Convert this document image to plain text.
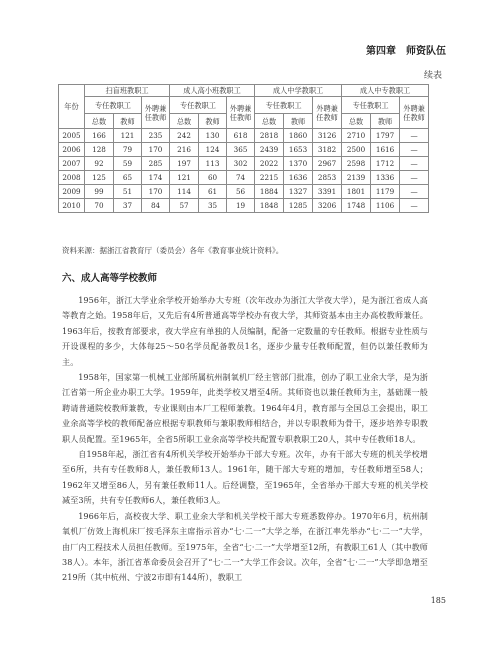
第四章　师资队伍
续表
年份	扫盲班教职工			成人高小班教职工			成人中学教职工			成人中专教职工		
	专任教职工		外聘兼任教师	专任教职工		外聘兼任教师	专任教职工		外聘兼任教师	专任教职工		外聘兼任教师
	总数	教师		总数	教师		总数	教师		总数	教师	
2005	166	121	235	242	130	618	2818	1860	3126	2710	1797	—
2006	128	79	170	216	124	365	2439	1653	3182	2500	1616	—
2007	92	59	285	197	113	302	2022	1370	2967	2598	1712	—
2008	125	65	174	121	60	74	2215	1636	2853	2139	1336	—
2009	99	51	170	114	61	56	1884	1327	3391	1801	1179	—
2010	70	37	84	57	35	19	1848	1285	3206	1748	1106	—
资料来源：据浙江省教育厅（委员会）各年《教育事业统计资料》。
六、成人高等学校教师

1956年，浙江大学业余学校开始举办大专班（次年改办为浙江大学夜大学），是为浙江省成人高等教育之始。1958年后，又先后有4所普通高等学校办有夜大学，其师资基本由主办高校教师兼任。1963年后，按教育部要求，夜大学应有单独的人员编制，配备一定数量的专任教师。根据专业性质与开设课程的多少，大体每25～50名学员配备教员1名，逐步少量专任教师配置，但仍以兼任教师为主。

1958年，国家第一机械工业部所属杭州制氧机厂经主管部门批准，创办了职工业余大学，是为浙江省第一所企业办职工大学。1959年，此类学校又增至4所。其师资也以兼任教师为主，基础课一般聘请普通院校教师兼教，专业课则由本厂工程师兼教。1964年4月，教育部与全国总工会提出，职工业余高等学校的教师配备应根据专职教师与兼职教师相结合，并以专职教师为骨干，逐步培养专职教职人员配置。至1965年，全省5所职工业余高等学校共配置专职教职工20人，其中专任教师18人。

自1958年起，浙江省有4所机关学校开始举办干部大专班。次年，办有干部大专班的机关学校增至6所，共有专任教师8人，兼任教师13人。1961年，随干部大专班的增加，专任教师增至58人；1962年又增至86人，另有兼任教师11人。后经调整，至1965年，全省举办干部大专班的机关学校减至3所，共有专任教师6人，兼任教师3人。

1966年后，高校夜大学、职工业余大学和机关学校干部大专班悉数停办。1970年6月，杭州制氧机厂仿效上海机床厂按毛泽东主席指示首办“七·二一”大学之举，在浙江率先举办“七·二一”大学，由厂内工程技术人员担任教师。至1975年，全省“七·二一”大学增至12所，有教职工61人（其中教师38人）。本年，浙江省革命委员会召开了“七·二一”大学工作会议。次年，全省“七·二一”大学即急增至219所（其中杭州、宁波2市即有144所），教职工

185
